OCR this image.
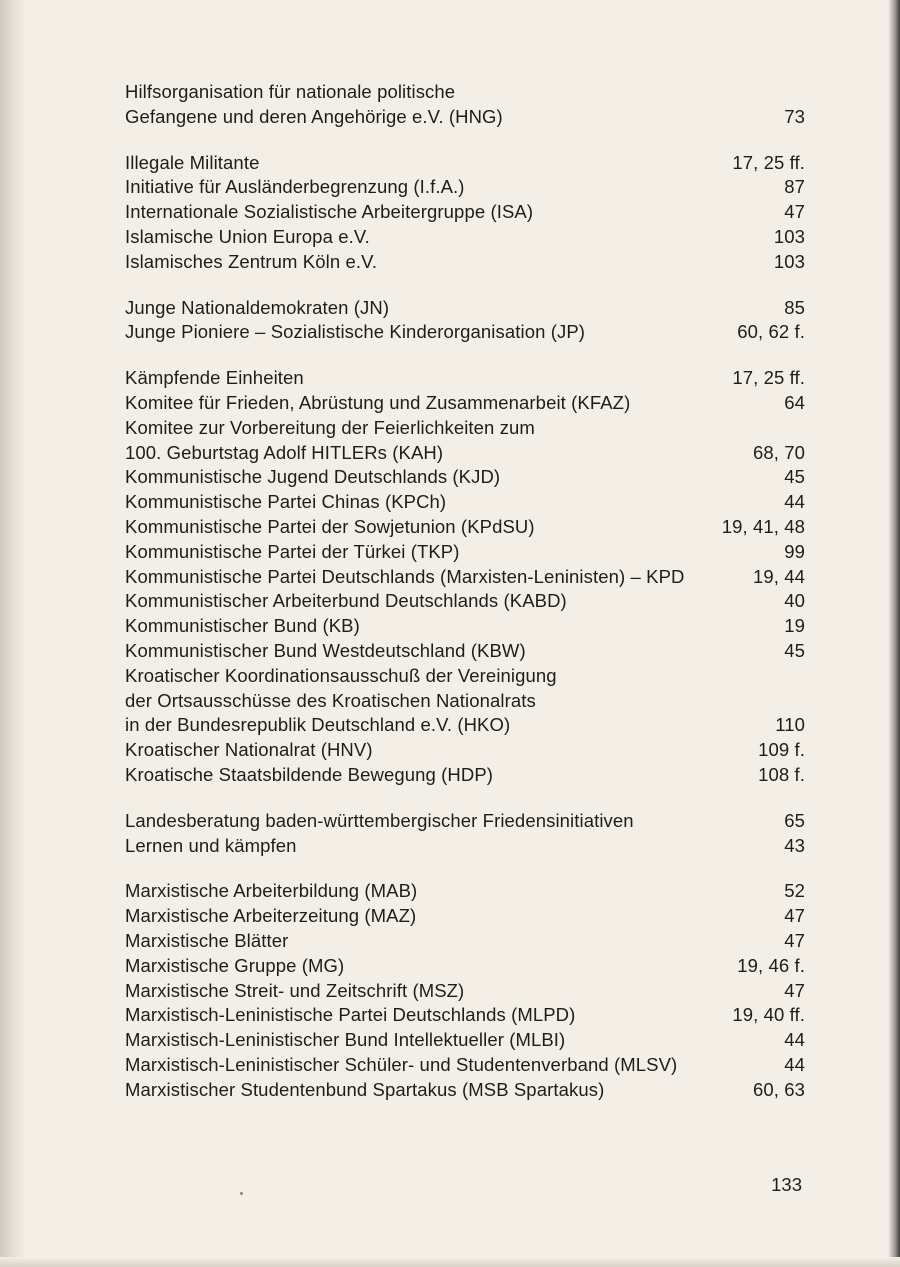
Hilfsorganisation für nationale politische
Gefangene und deren Angehörige e.V. (HNG)	73
Illegale Militante	17, 25 ff.
Initiative für Ausländerbegrenzung (I.f.A.)	87
Internationale Sozialistische Arbeitergruppe (ISA)	47
Islamische Union Europa e.V.	103
Islamisches Zentrum Köln e.V.	103
Junge Nationaldemokraten (JN)	85
Junge Pioniere – Sozialistische Kinderorganisation (JP)	60, 62 f.
Kämpfende Einheiten	17, 25 ff.
Komitee für Frieden, Abrüstung und Zusammenarbeit (KFAZ)	64
Komitee zur Vorbereitung der Feierlichkeiten zum
100. Geburtstag Adolf HITLERs (KAH)	68, 70
Kommunistische Jugend Deutschlands (KJD)	45
Kommunistische Partei Chinas (KPCh)	44
Kommunistische Partei der Sowjetunion (KPdSU)	19, 41, 48
Kommunistische Partei der Türkei (TKP)	99
Kommunistische Partei Deutschlands (Marxisten-Leninisten) – KPD	19, 44
Kommunistischer Arbeiterbund Deutschlands (KABD)	40
Kommunistischer Bund (KB)	19
Kommunistischer Bund Westdeutschland (KBW)	45
Kroatischer Koordinationsausschuß der Vereinigung
der Ortsausschüsse des Kroatischen Nationalrats
in der Bundesrepublik Deutschland e.V. (HKO)	110
Kroatischer Nationalrat (HNV)	109 f.
Kroatische Staatsbildende Bewegung (HDP)	108 f.
Landesberatung baden-württembergischer Friedensinitiativen	65
Lernen und kämpfen	43
Marxistische Arbeiterbildung (MAB)	52
Marxistische Arbeiterzeitung (MAZ)	47
Marxistische Blätter	47
Marxistische Gruppe (MG)	19, 46 f.
Marxistische Streit- und Zeitschrift (MSZ)	47
Marxistisch-Leninistische Partei Deutschlands (MLPD)	19, 40 ff.
Marxistisch-Leninistischer Bund Intellektueller (MLBI)	44
Marxistisch-Leninistischer Schüler- und Studentenverband (MLSV)	44
Marxistischer Studentenbund Spartakus (MSB Spartakus)	60, 63
133
